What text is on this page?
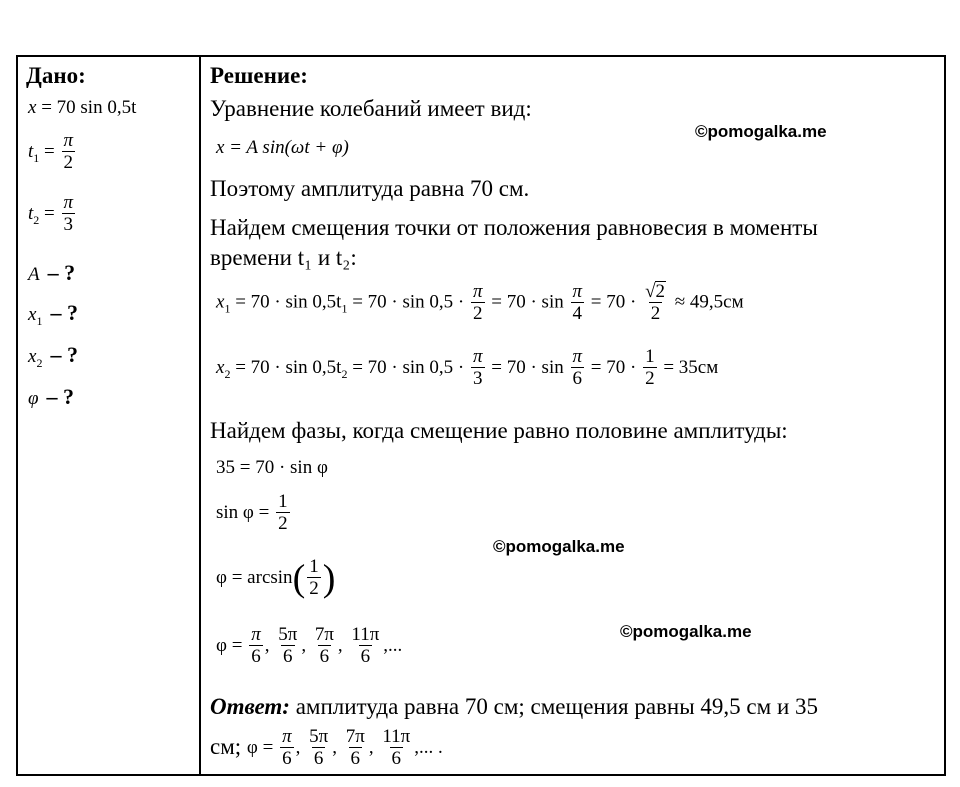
Дано:
x = 70 sin 0,5t
$t_1 = \frac{\pi}{2}$
$t_2 = \frac{\pi}{3}$
A – ?
$x_1$ – ?
$x_2$ – ?
φ – ?
Решение:
Уравнение колебаний имеет вид:
x = A sin(ωt + φ)
Поэтому амплитуда равна 70 см.
Найдем смещения точки от положения равновесия в моменты
времени t₁ и t₂:
$x_1 = 70 \cdot \sin 0,5t_1 = 70 \cdot \sin 0,5 \cdot \frac{\pi}{2} = 70 \cdot \sin \frac{\pi}{4} = 70 \cdot \frac{√2}{2} \approx 49,5см$
$x_2 = 70 \cdot \sin 0,5t_2 = 70 \cdot \sin 0,5 \cdot \frac{\pi}{3} = 70 \cdot \sin \frac{\pi}{6} = 70 \cdot \frac{1}{2} = 35см$
Найдем фазы, когда смещение равно половине амплитуды:
35 = 70 · sin φ
$\sin \varphi = \frac{1}{2}$
$\varphi = \arcsin( \frac{1}{2}$ )
$\varphi = \frac{\pi}{6}$ , $\frac{5\pi}{6}$ , $\frac{7\pi}{6}$ , $\frac{11\pi}{6}$ ,...
Ответ: амплитуда равна 70 см; смещения равны 49,5 см и 35
см; $\varphi = \frac{\pi}{6}$ , $\frac{5\pi}{6}$ , $\frac{7\pi}{6}$ , $\frac{11\pi}{6}$ ,... .
©pomogalka.me
©pomogalka.me
©pomogalka.me
